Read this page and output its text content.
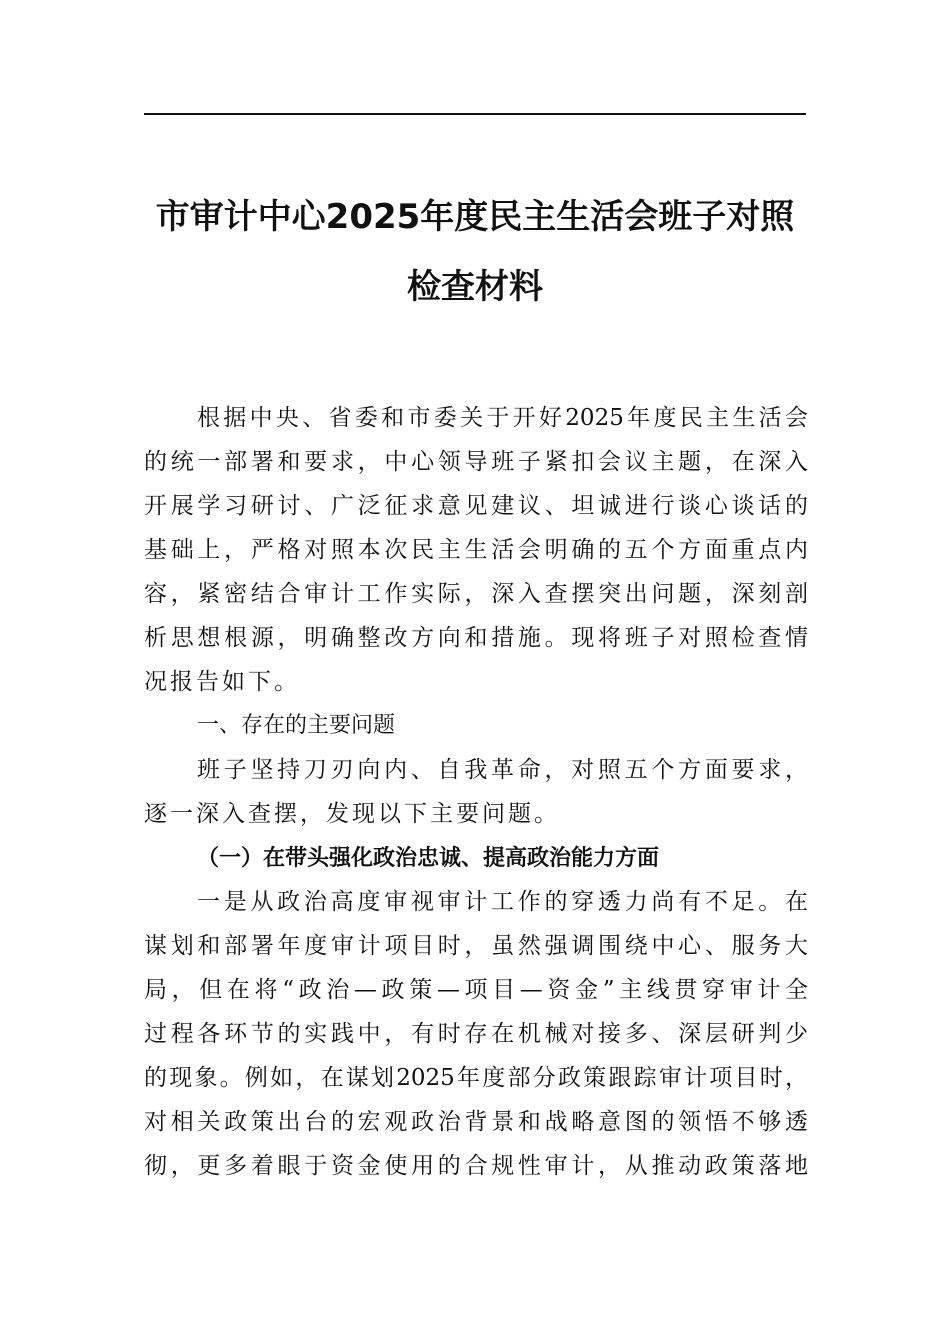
市审计中心2025年度民主生活会班子对照
检查材料
根据中央、省委和市委关于开好2025年度民主生活会
的统一部署和要求，中心领导班子紧扣会议主题，在深入
开展学习研讨、广泛征求意见建议、坦诚进行谈心谈话的
基础上，严格对照本次民主生活会明确的五个方面重点内
容，紧密结合审计工作实际，深入查摆突出问题，深刻剖
析思想根源，明确整改方向和措施。现将班子对照检查情
况报告如下。
一、存在的主要问题
班子坚持刀刃向内、自我革命，对照五个方面要求，
逐一深入查摆，发现以下主要问题。
（一）在带头强化政治忠诚、提高政治能力方面
一是从政治高度审视审计工作的穿透力尚有不足。在
谋划和部署年度审计项目时，虽然强调围绕中心、服务大
局，但在将“政治—政策—项目—资金”主线贯穿审计全
过程各环节的实践中，有时存在机械对接多、深层研判少
的现象。例如，在谋划2025年度部分政策跟踪审计项目时，
对相关政策出台的宏观政治背景和战略意图的领悟不够透
彻，更多着眼于资金使用的合规性审计，从推动政策落地
